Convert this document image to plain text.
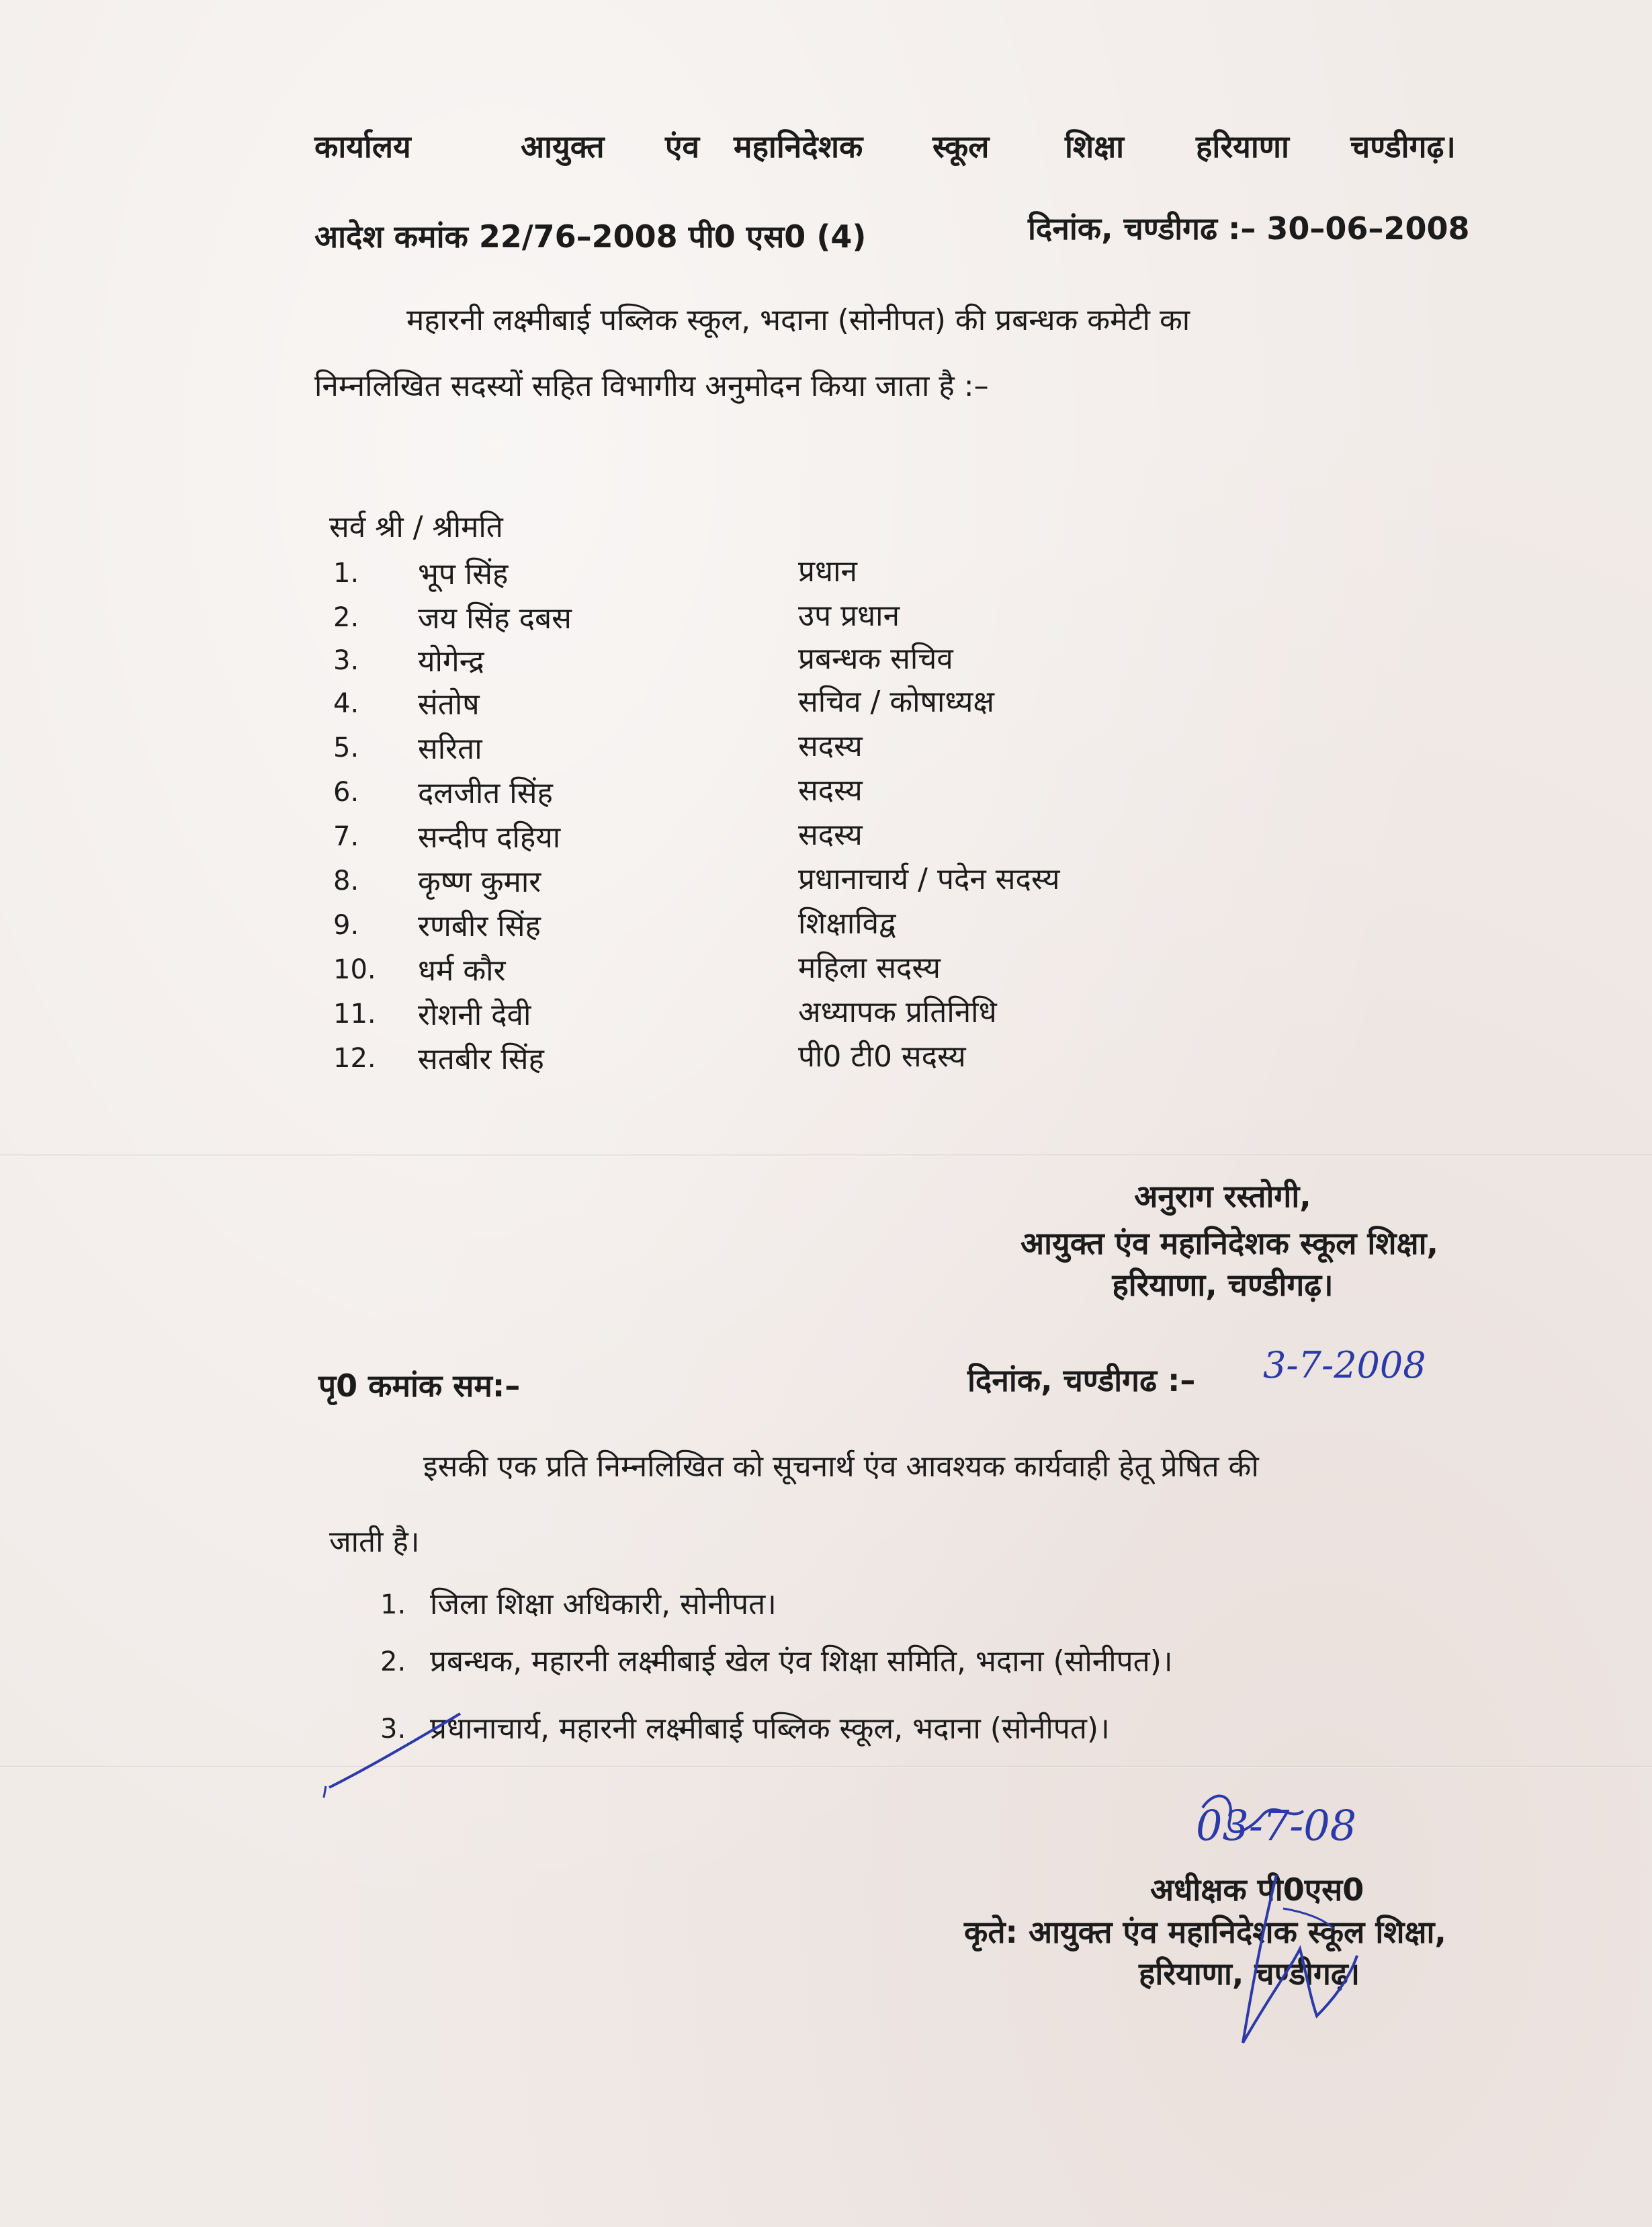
कार्यालय	आयुक्त एंव महानिदेशक स्कूल शिक्षा हरियाणा चण्डीगढ़।
आदेश कमांक 22/76–2008 पी0 एस0 (4)	दिनांक, चण्डीगढ :– 30–06–2008
महारनी लक्ष्मीबाई पब्लिक स्कूल, भदाना (सोनीपत) की प्रबन्धक कमेटी का
निम्नलिखित सदस्यों सहित विभागीय अनुमोदन किया जाता है :–
सर्व श्री / श्रीमति
1. भूप सिंह	प्रधान
2. जय सिंह दबस	उप प्रधान
3. योगेन्द्र	प्रबन्धक सचिव
4. संतोष	सचिव / कोषाध्यक्ष
5. सरिता	सदस्य
6. दलजीत सिंह	सदस्य
7. सन्दीप दहिया	सदस्य
8. कृष्ण कुमार	प्रधानाचार्य / पदेन सदस्य
9. रणबीर सिंह	शिक्षाविद्व
10. धर्म कौर	महिला सदस्य
11. रोशनी देवी	अध्यापक प्रतिनिधि
12. सतबीर सिंह	पी0 टी0 सदस्य
अनुराग रस्तोगी,
आयुक्त एंव महानिदेशक स्कूल शिक्षा,
हरियाणा, चण्डीगढ़।
पृ0 कमांक सम:–	दिनांक, चण्डीगढ :– 3-7-2008
इसकी एक प्रति निम्नलिखित को सूचनार्थ एंव आवश्यक कार्यवाही हेतू प्रेषित की
जाती है।
1. जिला शिक्षा अधिकारी, सोनीपत।
2. प्रबन्धक, महारनी लक्ष्मीबाई खेल एंव शिक्षा समिति, भदाना (सोनीपत)।
3. प्रधानाचार्य, महारनी लक्ष्मीबाई पब्लिक स्कूल, भदाना (सोनीपत)।
03-7-08
अधीक्षक पी0एस0
कृते: आयुक्त एंव महानिदेशक स्कूल शिक्षा,
हरियाणा, चण्डीगढ़।
